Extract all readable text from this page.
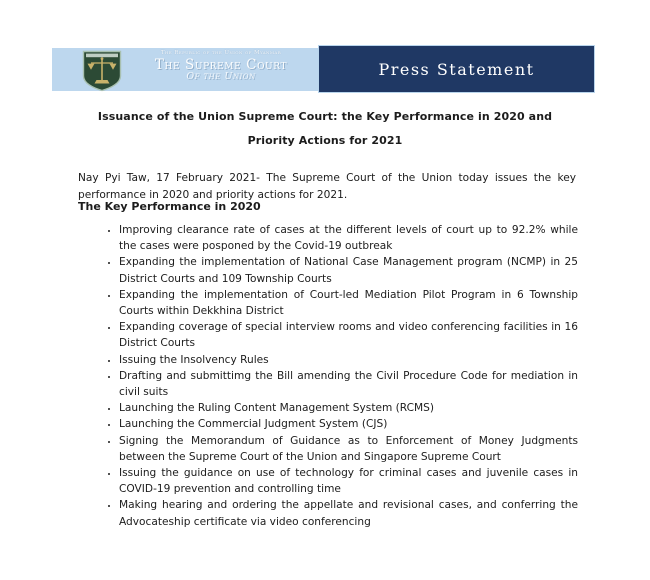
The Republic of the Union of Myanmar
The Supreme Court
Of the Union	Press Statement
Issuance of the Union Supreme Court: the Key Performance in 2020 and
Priority Actions for 2021

Nay Pyi Taw, 17 February 2021- The Supreme Court of the Union today issues the key performance in 2020 and priority actions for 2021.

The Key Performance in 2020
• Improving clearance rate of cases at the different levels of court up to 92.2% while the cases were posponed by the Covid-19 outbreak
• Expanding the implementation of National Case Management program (NCMP) in 25 District Courts and 109 Township Courts
• Expanding the implementation of Court-led Mediation Pilot Program in 6 Township Courts within Dekkhina District
• Expanding coverage of special interview rooms and video conferencing facilities in 16 District Courts
• Issuing the Insolvency Rules
• Drafting and submittimg the Bill amending the Civil Procedure Code for mediation in civil suits
• Launching the Ruling Content Management System (RCMS)
• Launching the Commercial Judgment System (CJS)
• Signing the Memorandum of Guidance as to Enforcement of Money Judgments between the Supreme Court of the Union and Singapore Supreme Court
• Issuing the guidance on use of technology for criminal cases and juvenile cases in COVID-19 prevention and controlling time
• Making hearing and ordering the appellate and revisional cases, and conferring the Advocateship certificate via video conferencing
